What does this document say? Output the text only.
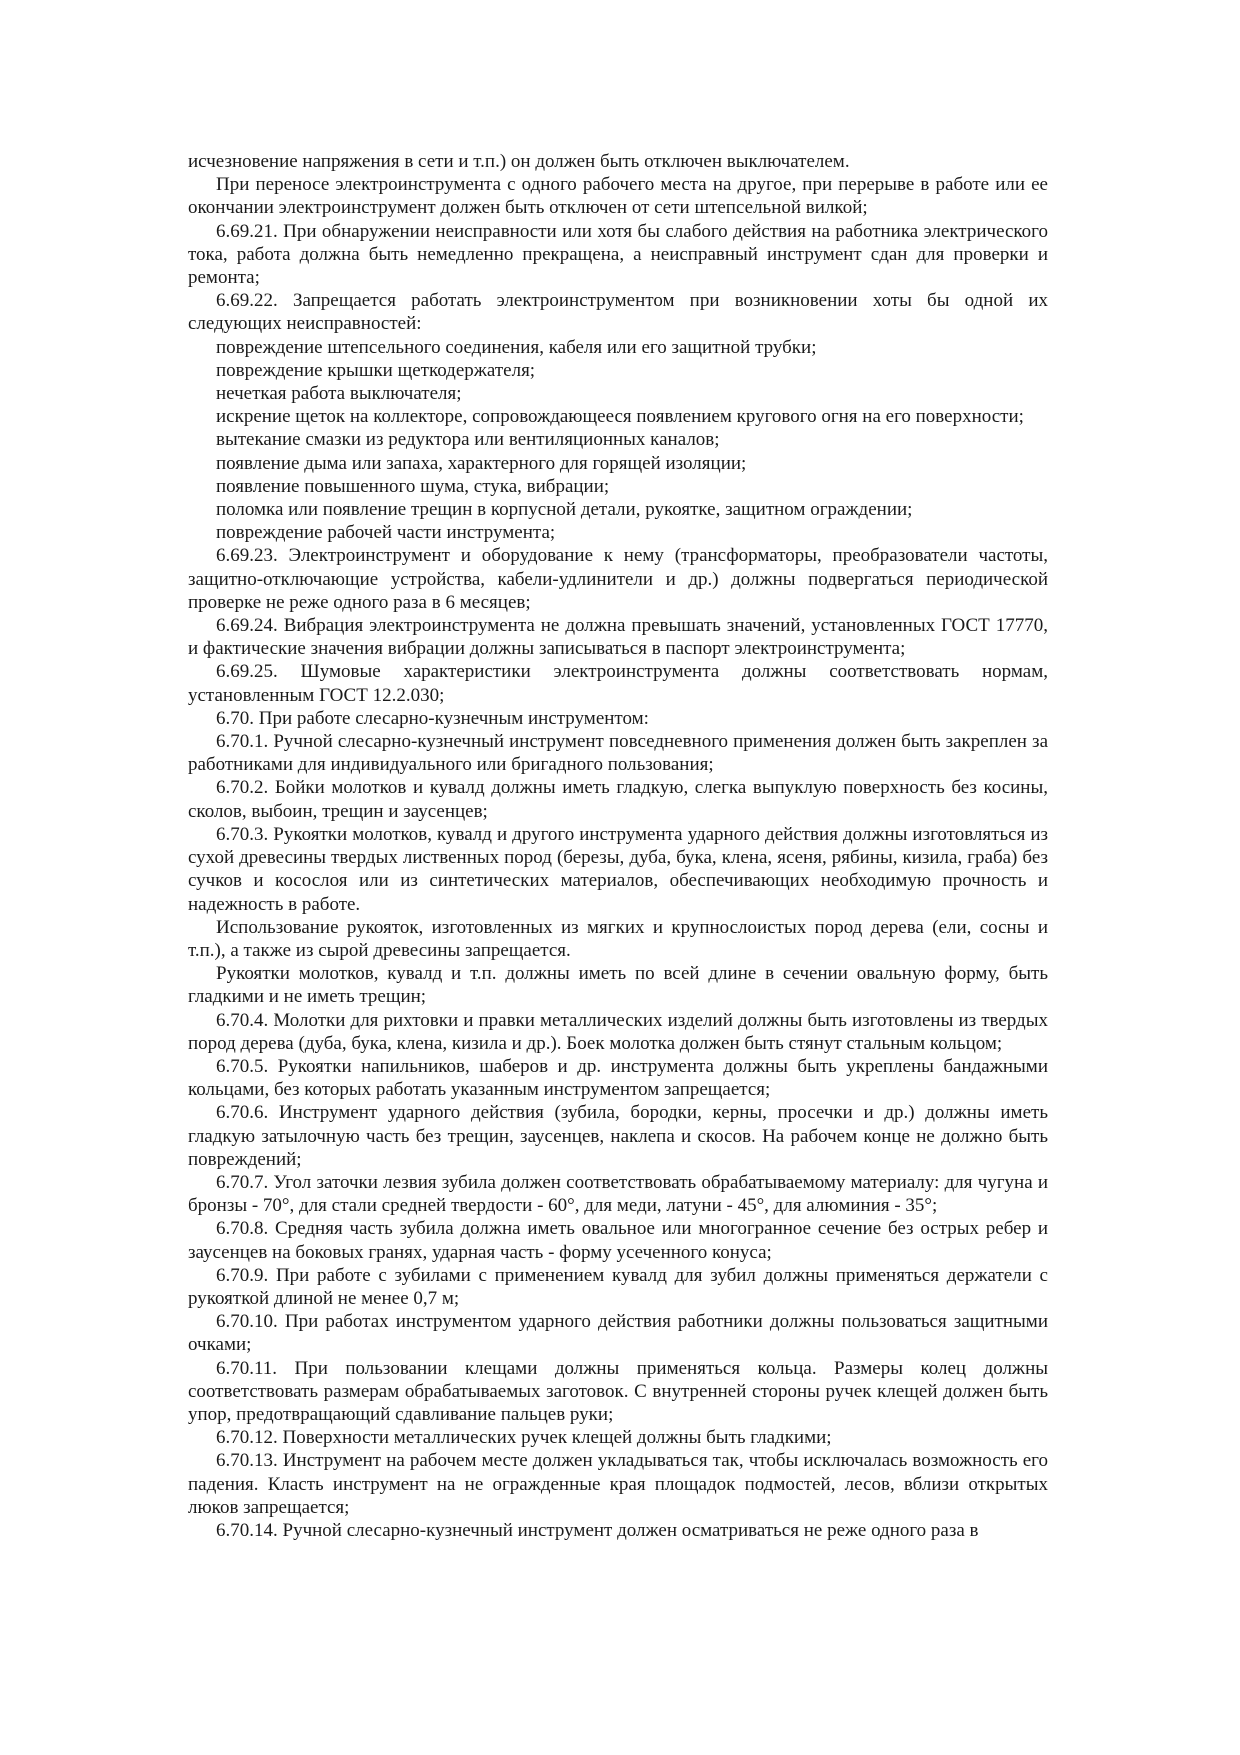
исчезновение напряжения в сети и т.п.) он должен быть отключен выключателем.

При переносе электроинструмента с одного рабочего места на другое, при перерыве в работе или ее окончании электроинструмент должен быть отключен от сети штепсельной вилкой;

6.69.21. При обнаружении неисправности или хотя бы слабого действия на работника электрического тока, работа должна быть немедленно прекращена, а неисправный инструмент сдан для проверки и ремонта;

6.69.22. Запрещается работать электроинструментом при возникновении хоты бы одной их следующих неисправностей:

повреждение штепсельного соединения, кабеля или его защитной трубки;

повреждение крышки щеткодержателя;

нечеткая работа выключателя;

искрение щеток на коллекторе, сопровождающееся появлением кругового огня на его поверхности;

вытекание смазки из редуктора или вентиляционных каналов;

появление дыма или запаха, характерного для горящей изоляции;

появление повышенного шума, стука, вибрации;

поломка или появление трещин в корпусной детали, рукоятке, защитном ограждении;

повреждение рабочей части инструмента;

6.69.23. Электроинструмент и оборудование к нему (трансформаторы, преобразователи частоты, защитно-отключающие устройства, кабели-удлинители и др.) должны подвергаться периодической проверке не реже одного раза в 6 месяцев;

6.69.24. Вибрация электроинструмента не должна превышать значений, установленных ГОСТ 17770, и фактические значения вибрации должны записываться в паспорт электроинструмента;

6.69.25. Шумовые характеристики электроинструмента должны соответствовать нормам, установленным ГОСТ 12.2.030;

6.70. При работе слесарно-кузнечным инструментом:

6.70.1. Ручной слесарно-кузнечный инструмент повседневного применения должен быть закреплен за работниками для индивидуального или бригадного пользования;

6.70.2. Бойки молотков и кувалд должны иметь гладкую, слегка выпуклую поверхность без косины, сколов, выбоин, трещин и заусенцев;

6.70.3. Рукоятки молотков, кувалд и другого инструмента ударного действия должны изготовляться из сухой древесины твердых лиственных пород (березы, дуба, бука, клена, ясеня, рябины, кизила, граба) без сучков и косослоя или из синтетических материалов, обеспечивающих необходимую прочность и надежность в работе.

Использование рукояток, изготовленных из мягких и крупнослоистых пород дерева (ели, сосны и т.п.), а также из сырой древесины запрещается.

Рукоятки молотков, кувалд и т.п. должны иметь по всей длине в сечении овальную форму, быть гладкими и не иметь трещин;

6.70.4. Молотки для рихтовки и правки металлических изделий должны быть изготовлены из твердых пород дерева (дуба, бука, клена, кизила и др.). Боек молотка должен быть стянут стальным кольцом;

6.70.5. Рукоятки напильников, шаберов и др. инструмента должны быть укреплены бандажными кольцами, без которых работать указанным инструментом запрещается;

6.70.6. Инструмент ударного действия (зубила, бородки, керны, просечки и др.) должны иметь гладкую затылочную часть без трещин, заусенцев, наклепа и скосов. На рабочем конце не должно быть повреждений;

6.70.7. Угол заточки лезвия зубила должен соответствовать обрабатываемому материалу: для чугуна и бронзы - 70°, для стали средней твердости - 60°, для меди, латуни - 45°, для алюминия - 35°;

6.70.8. Средняя часть зубила должна иметь овальное или многогранное сечение без острых ребер и заусенцев на боковых гранях, ударная часть - форму усеченного конуса;

6.70.9. При работе с зубилами с применением кувалд для зубил должны применяться держатели с рукояткой длиной не менее 0,7 м;

6.70.10. При работах инструментом ударного действия работники должны пользоваться защитными очками;

6.70.11. При пользовании клещами должны применяться кольца. Размеры колец должны соответствовать размерам обрабатываемых заготовок. С внутренней стороны ручек клещей должен быть упор, предотвращающий сдавливание пальцев руки;

6.70.12. Поверхности металлических ручек клещей должны быть гладкими;

6.70.13. Инструмент на рабочем месте должен укладываться так, чтобы исключалась возможность его падения. Класть инструмент на не огражденные края площадок подмостей, лесов, вблизи открытых люков запрещается;

6.70.14. Ручной слесарно-кузнечный инструмент должен осматриваться не реже одного раза в
